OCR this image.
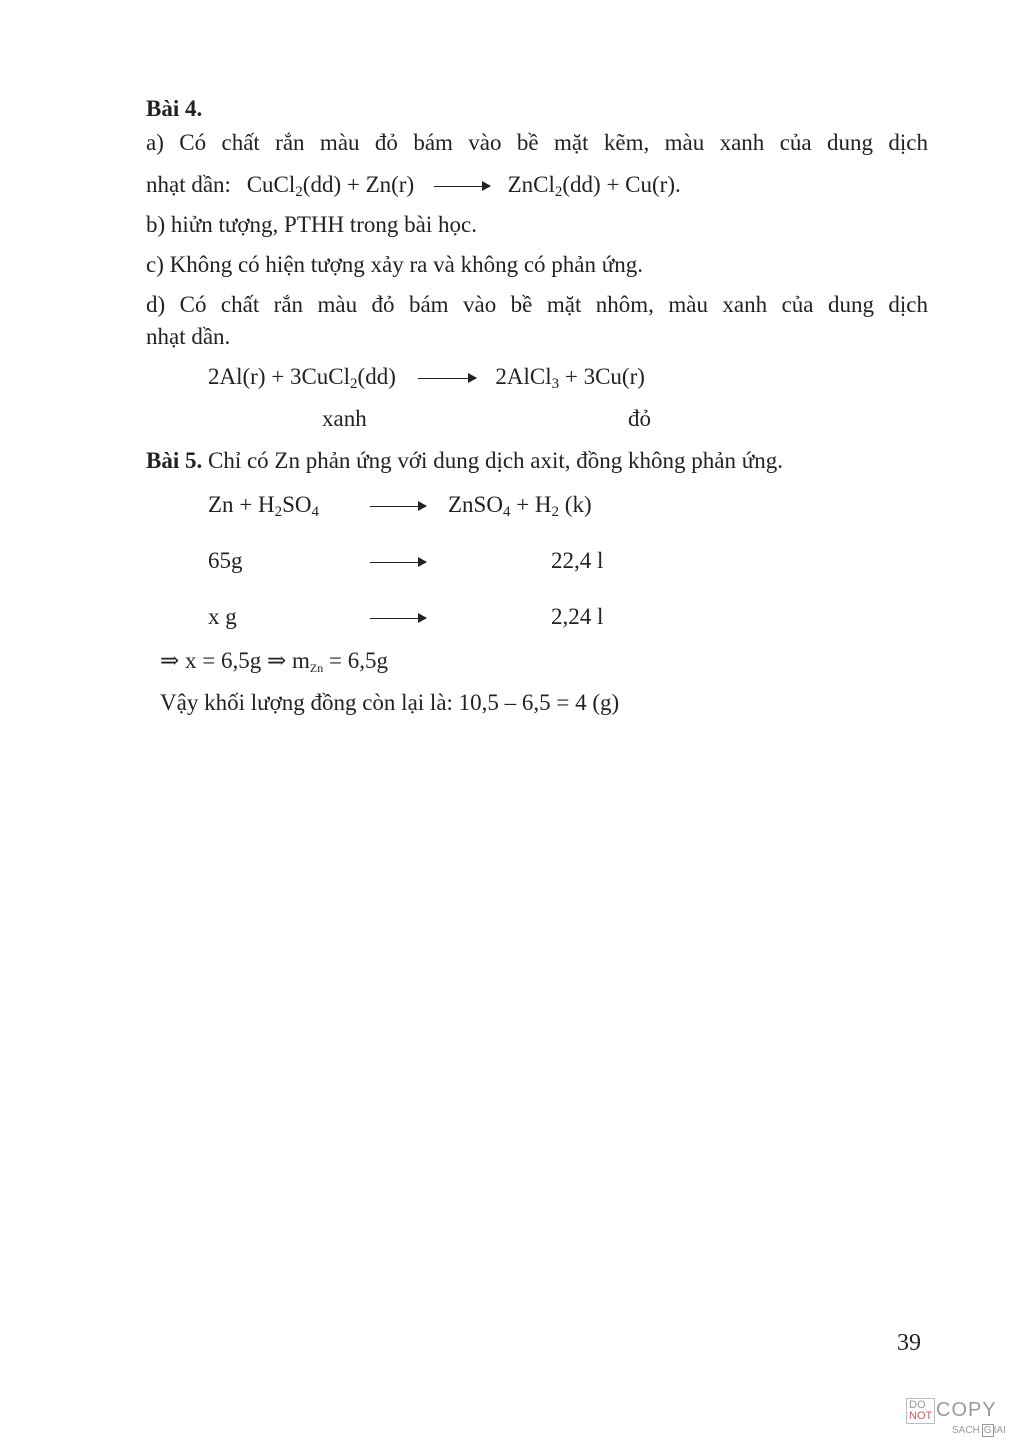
Bài 4.
a) Có chất rắn màu đỏ bám vào bề mặt kẽm, màu xanh của dung dịch
nhạt dần: CuCl$_2$(dd) + Zn(r) → ZnCl$_2$(dd) + Cu(r).
b) hiửn tượng, PTHH trong bài học.
c) Không có hiện tượng xảy ra và không có phản ứng.
d) Có chất rắn màu đỏ bám vào bề mặt nhôm, màu xanh của dung dịch
nhạt dần.
2Al(r) + 3CuCl$_2$(dd) → 2AlCl$_3$ + 3Cu(r)
xanh	đỏ
Bài 5. Chỉ có Zn phản ứng với dung dịch axit, đồng không phản ứng.
$Zn + H_2SO_4$	ZnSO$_4$ + $H_2$ (k)
65g	22,4 l
x g	2,24 l
⇒ x = 6,5g ⇒ $m_{Zn} = 6,5g$
Vậy khối lượng đồng còn lại là: 10,5 – 6,5 = 4 (g)
39
DO
NOT COPY
SACH G IAI
